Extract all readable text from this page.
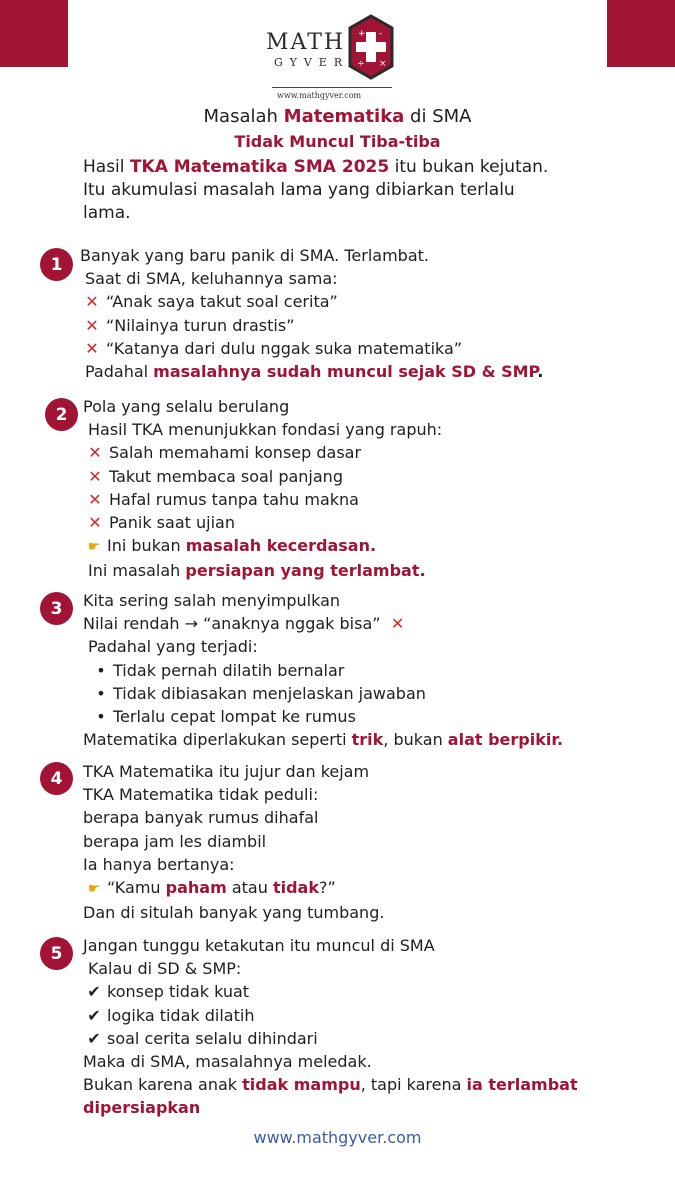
MATH
GYVER
+ -
÷ ×
www.mathgyver.com
Masalah Matematika di SMA
Tidak Muncul Tiba-tiba

Hasil TKA Matematika SMA 2025 itu bukan kejutan.

Itu akumulasi masalah lama yang dibiarkan terlalu

lama.

1	Banyak yang baru panik di SMA. Terlambat.
Saat di SMA, keluhannya sama:
✕ “Anak saya takut soal cerita”
✕ “Nilainya turun drastis”
✕ “Katanya dari dulu nggak suka matematika”
Padahal masalahnya sudah muncul sejak SD & SMP.
2 Pola yang selalu berulang
Hasil TKA menunjukkan fondasi yang rapuh:
✕ Salah memahami konsep dasar
✕ Takut membaca soal panjang
✕ Hafal rumus tanpa tahu makna
✕ Panik saat ujian
☛ Ini bukan masalah kecerdasan.
Ini masalah persiapan yang terlambat.
3	Kita sering salah menyimpulkan
Nilai rendah → “anaknya nggak bisa” ✕
Padahal yang terjadi:
• Tidak pernah dilatih bernalar
• Tidak dibiasakan menjelaskan jawaban
• Terlalu cepat lompat ke rumus
Matematika diperlakukan seperti trik, bukan alat berpikir.
4	TKA Matematika itu jujur dan kejam
TKA Matematika tidak peduli:
berapa banyak rumus dihafal
berapa jam les diambil
Ia hanya bertanya:
☛ “Kamu paham atau tidak?”
Dan di situlah banyak yang tumbang.
5	Jangan tunggu ketakutan itu muncul di SMA
Kalau di SD & SMP:
✔ konsep tidak kuat
✔ logika tidak dilatih
✔ soal cerita selalu dihindari
Maka di SMA, masalahnya meledak.
Bukan karena anak tidak mampu, tapi karena ia terlambat
dipersiapkan
www.mathgyver.com
